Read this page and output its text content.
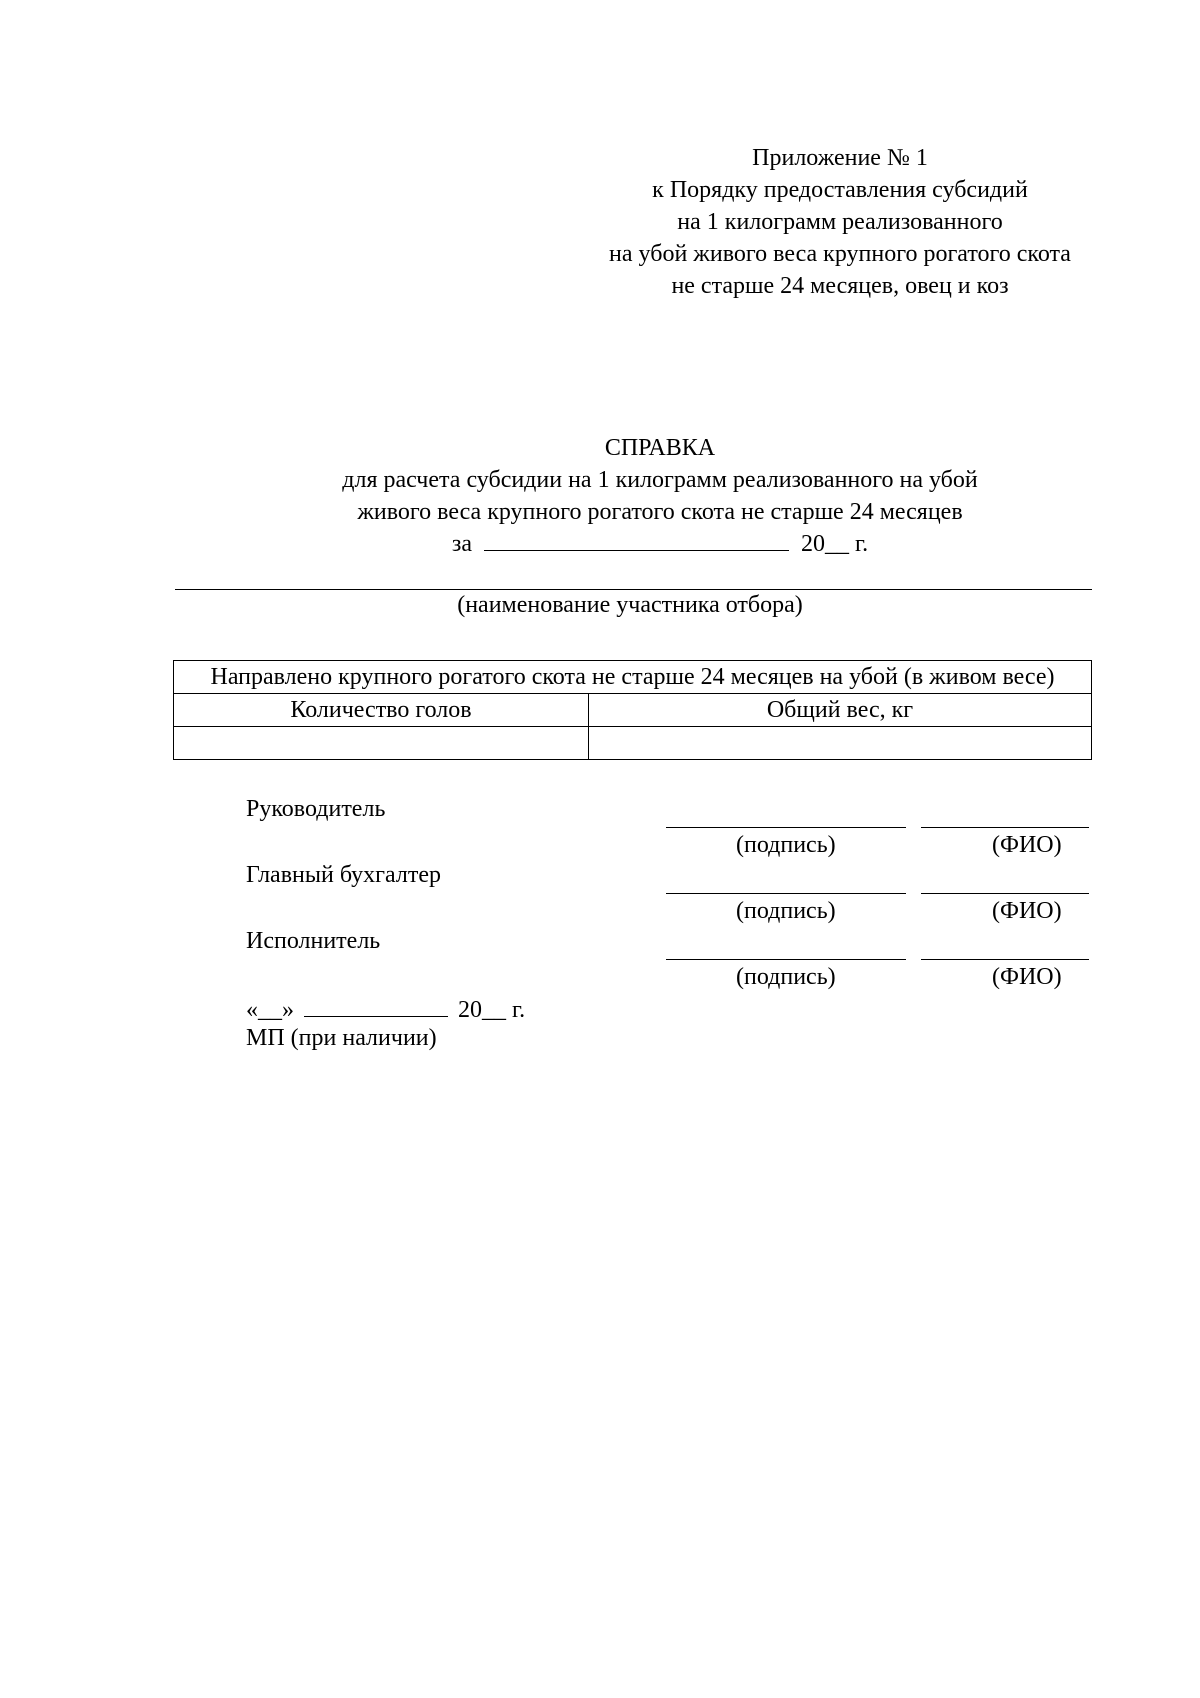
Приложение № 1
к Порядку предоставления субсидий
на 1 килограмм реализованного
на убой живого веса крупного рогатого скота
не старше 24 месяцев, овец и коз
СПРАВКА
для расчета субсидии на 1 килограмм реализованного на убой
живого веса крупного рогатого скота не старше 24 месяцев
за	20__ г.
(наименование участника отбора)
Направлено крупного рогатого скота не старше 24 месяцев на убой (в живом весе)	
Количество голов	Общий вес, кг

Руководитель
(подпись)	(ФИО)
Главный бухгалтер
(подпись)	(ФИО)
Исполнитель
(подпись)	(ФИО)
«__»	20__ г.
МП (при наличии)
